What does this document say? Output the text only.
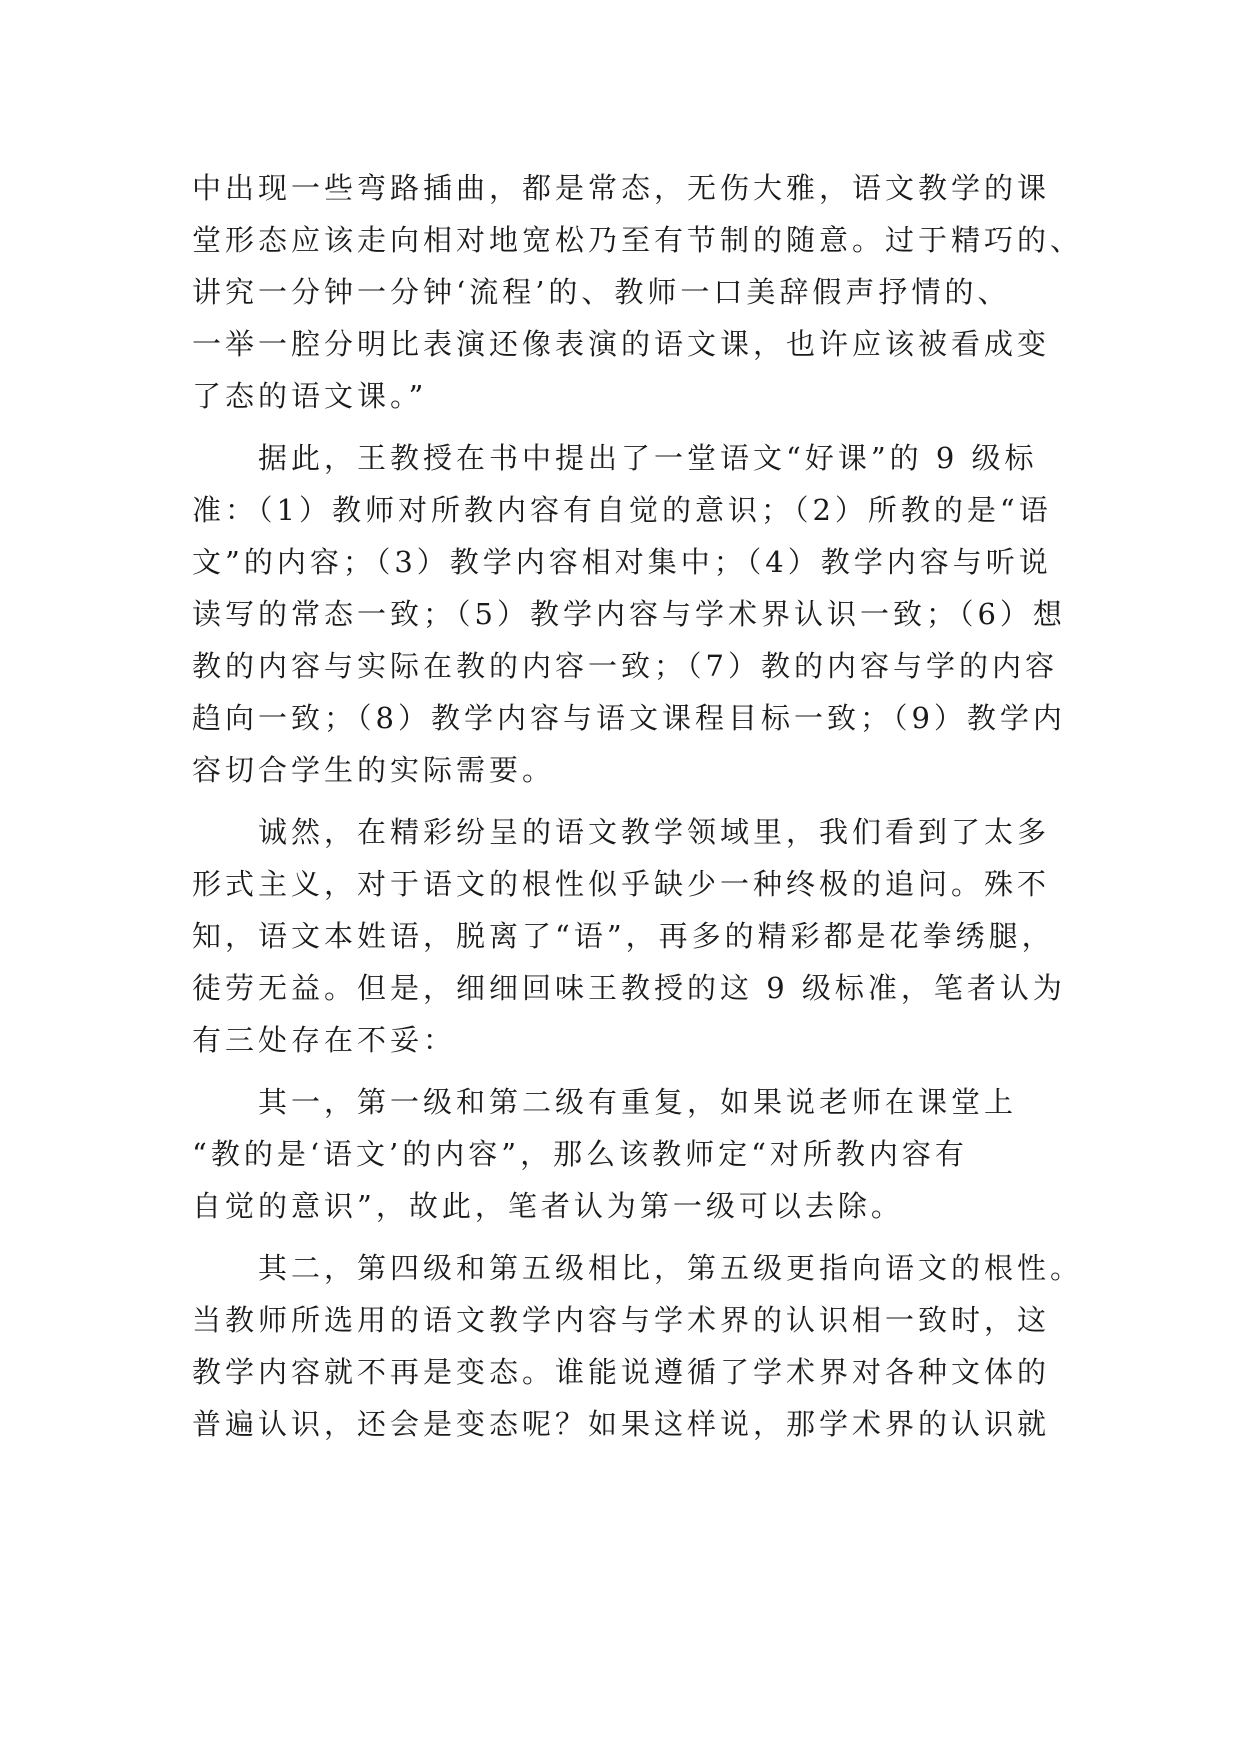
中出现一些弯路插曲，都是常态，无伤大雅，语文教学的课
堂形态应该走向相对地宽松乃至有节制的随意。过于精巧的、
讲究一分钟一分钟‘流程’的、教师一口美辞假声抒情的、
一举一腔分明比表演还像表演的语文课，也许应该被看成变
了态的语文课。”
　　据此，王教授在书中提出了一堂语文“好课”的 9 级标
准：（1）教师对所教内容有自觉的意识；（2）所教的是“语
文”的内容；（3）教学内容相对集中；（4）教学内容与听说
读写的常态一致；（5）教学内容与学术界认识一致；（6）想
教的内容与实际在教的内容一致；（7）教的内容与学的内容
趋向一致；（8）教学内容与语文课程目标一致；（9）教学内
容切合学生的实际需要。
　　诚然，在精彩纷呈的语文教学领域里，我们看到了太多
形式主义，对于语文的根性似乎缺少一种终极的追问。殊不
知，语文本姓语，脱离了“语”，再多的精彩都是花拳绣腿，
徒劳无益。但是，细细回味王教授的这 9 级标准，笔者认为
有三处存在不妥：
　　其一，第一级和第二级有重复，如果说老师在课堂上
“教的是‘语文’的内容”，那么该教师定“对所教内容有
自觉的意识”，故此，笔者认为第一级可以去除。
　　其二，第四级和第五级相比，第五级更指向语文的根性。
当教师所选用的语文教学内容与学术界的认识相一致时，这
教学内容就不再是变态。谁能说遵循了学术界对各种文体的
普遍认识，还会是变态呢？如果这样说，那学术界的认识就
